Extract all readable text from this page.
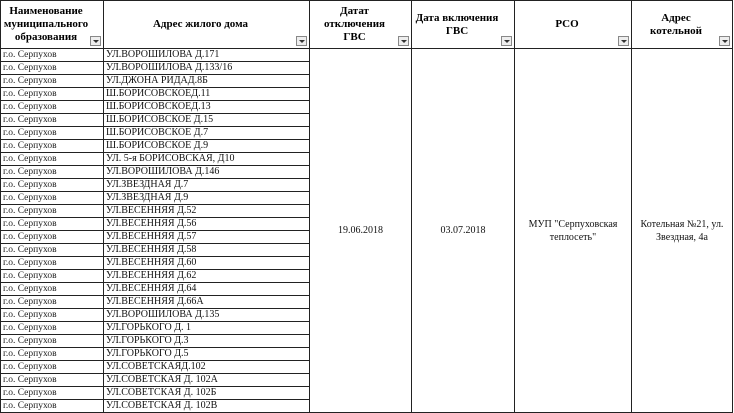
Наименование муниципального образования	Адрес жилого дома	Датат отключения ГВС	Дата включения ГВС	РСО	Адрес котельной

г.о. Серпухов	УЛ.ВОРОШИЛОВА Д.171	19.06.2018	03.07.2018	МУП "Серпуховская теплосеть"	Котельная №21, ул. Звездная, 4а
г.о. Серпухов	УЛ.ВОРОШИЛОВА Д.133/16				
г.о. Серпухов	УЛ.ДЖОНА РИДАД.8Б				
г.о. Серпухов	Ш.БОРИСОВСКОЕД.11				
г.о. Серпухов	Ш.БОРИСОВСКОЕД.13				
г.о. Серпухов	Ш.БОРИСОВСКОЕ Д.15				
г.о. Серпухов	Ш.БОРИСОВСКОЕ Д.7				
г.о. Серпухов	Ш.БОРИСОВСКОЕ Д.9				
г.о. Серпухов	УЛ. 5-я БОРИСОВСКАЯ, Д10				
г.о. Серпухов	УЛ.ВОРОШИЛОВА Д.146				
г.о. Серпухов	УЛ.ЗВЕЗДНАЯ Д.7				
г.о. Серпухов	УЛ.ЗВЕЗДНАЯ Д.9				
г.о. Серпухов	УЛ.ВЕСЕННЯЯ Д.52				
г.о. Серпухов	УЛ.ВЕСЕННЯЯ Д.56				
г.о. Серпухов	УЛ.ВЕСЕННЯЯ Д.57				
г.о. Серпухов	УЛ.ВЕСЕННЯЯ Д.58				
г.о. Серпухов	УЛ.ВЕСЕННЯЯ Д.60				
г.о. Серпухов	УЛ.ВЕСЕННЯЯ Д.62				
г.о. Серпухов	УЛ.ВЕСЕННЯЯ Д.64				
г.о. Серпухов	УЛ.ВЕСЕННЯЯ Д.66А				
г.о. Серпухов	УЛ.ВОРОШИЛОВА Д.135				
г.о. Серпухов	УЛ.ГОРЬКОГО Д. 1				
г.о. Серпухов	УЛ.ГОРЬКОГО Д.3				
г.о. Серпухов	УЛ.ГОРЬКОГО Д.5				
г.о. Серпухов	УЛ.СОВЕТСКАЯД.102				
г.о. Серпухов	УЛ.СОВЕТСКАЯ Д. 102А				
г.о. Серпухов	УЛ.СОВЕТСКАЯ Д. 102Б				
г.о. Серпухов	УЛ.СОВЕТСКАЯ Д. 102В				
